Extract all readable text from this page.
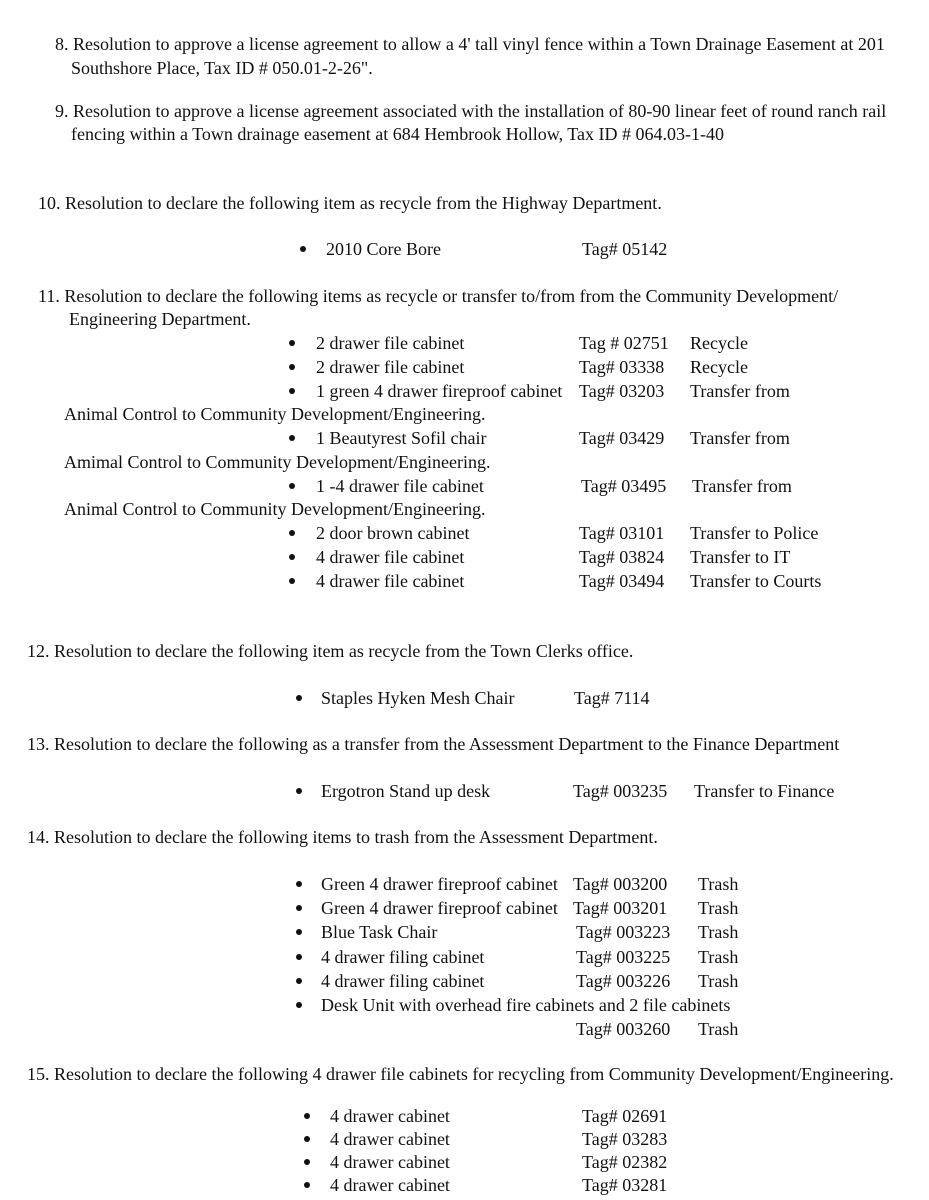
8. Resolution to approve a license agreement to allow a 4' tall vinyl fence within a Town Drainage Easement at 201
Southshore Place, Tax ID # 050.01-2-26".
9. Resolution to approve a license agreement associated with the installation of 80-90 linear feet of round ranch rail
fencing within a Town drainage easement at 684 Hembrook Hollow, Tax ID # 064.03-1-40
10. Resolution to declare the following item as recycle from the Highway Department.
2010 Core Bore	Tag# 05142
11. Resolution to declare the following items as recycle or transfer to/from from the Community Development/
Engineering Department.
2 drawer file cabinet	Tag # 02751 Recycle
2 drawer file cabinet	Tag# 03338 Recycle
1 green 4 drawer fireproof cabinet Tag# 03203 Transfer from
Animal Control to Community Development/Engineering.
1 Beautyrest Sofil chair	Tag# 03429 Transfer from
Amimal Control to Community Development/Engineering.
1 -4 drawer file cabinet	Tag# 03495 Transfer from
Animal Control to Community Development/Engineering.
2 door brown cabinet	Tag# 03101 Transfer to Police
4 drawer file cabinet	Tag# 03824 Transfer to IT
4 drawer file cabinet	Tag# 03494 Transfer to Courts
12. Resolution to declare the following item as recycle from the Town Clerks office.
Staples Hyken Mesh Chair	Tag# 7114
13. Resolution to declare the following as a transfer from the Assessment Department to the Finance Department
Ergotron Stand up desk	Tag# 003235 Transfer to Finance
14. Resolution to declare the following items to trash from the Assessment Department.
Green 4 drawer fireproof cabinet Tag# 003200 Trash
Green 4 drawer fireproof cabinet Tag# 003201 Trash
Blue Task Chair	Tag# 003223 Trash
4 drawer filing cabinet	Tag# 003225 Trash
4 drawer filing cabinet	Tag# 003226 Trash
Desk Unit with overhead fire cabinets and 2 file cabinets
Tag# 003260 Trash
15. Resolution to declare the following 4 drawer file cabinets for recycling from Community Development/Engineering.
4 drawer cabinet	Tag# 02691
4 drawer cabinet	Tag# 03283
4 drawer cabinet	Tag# 02382
4 drawer cabinet	Tag# 03281
